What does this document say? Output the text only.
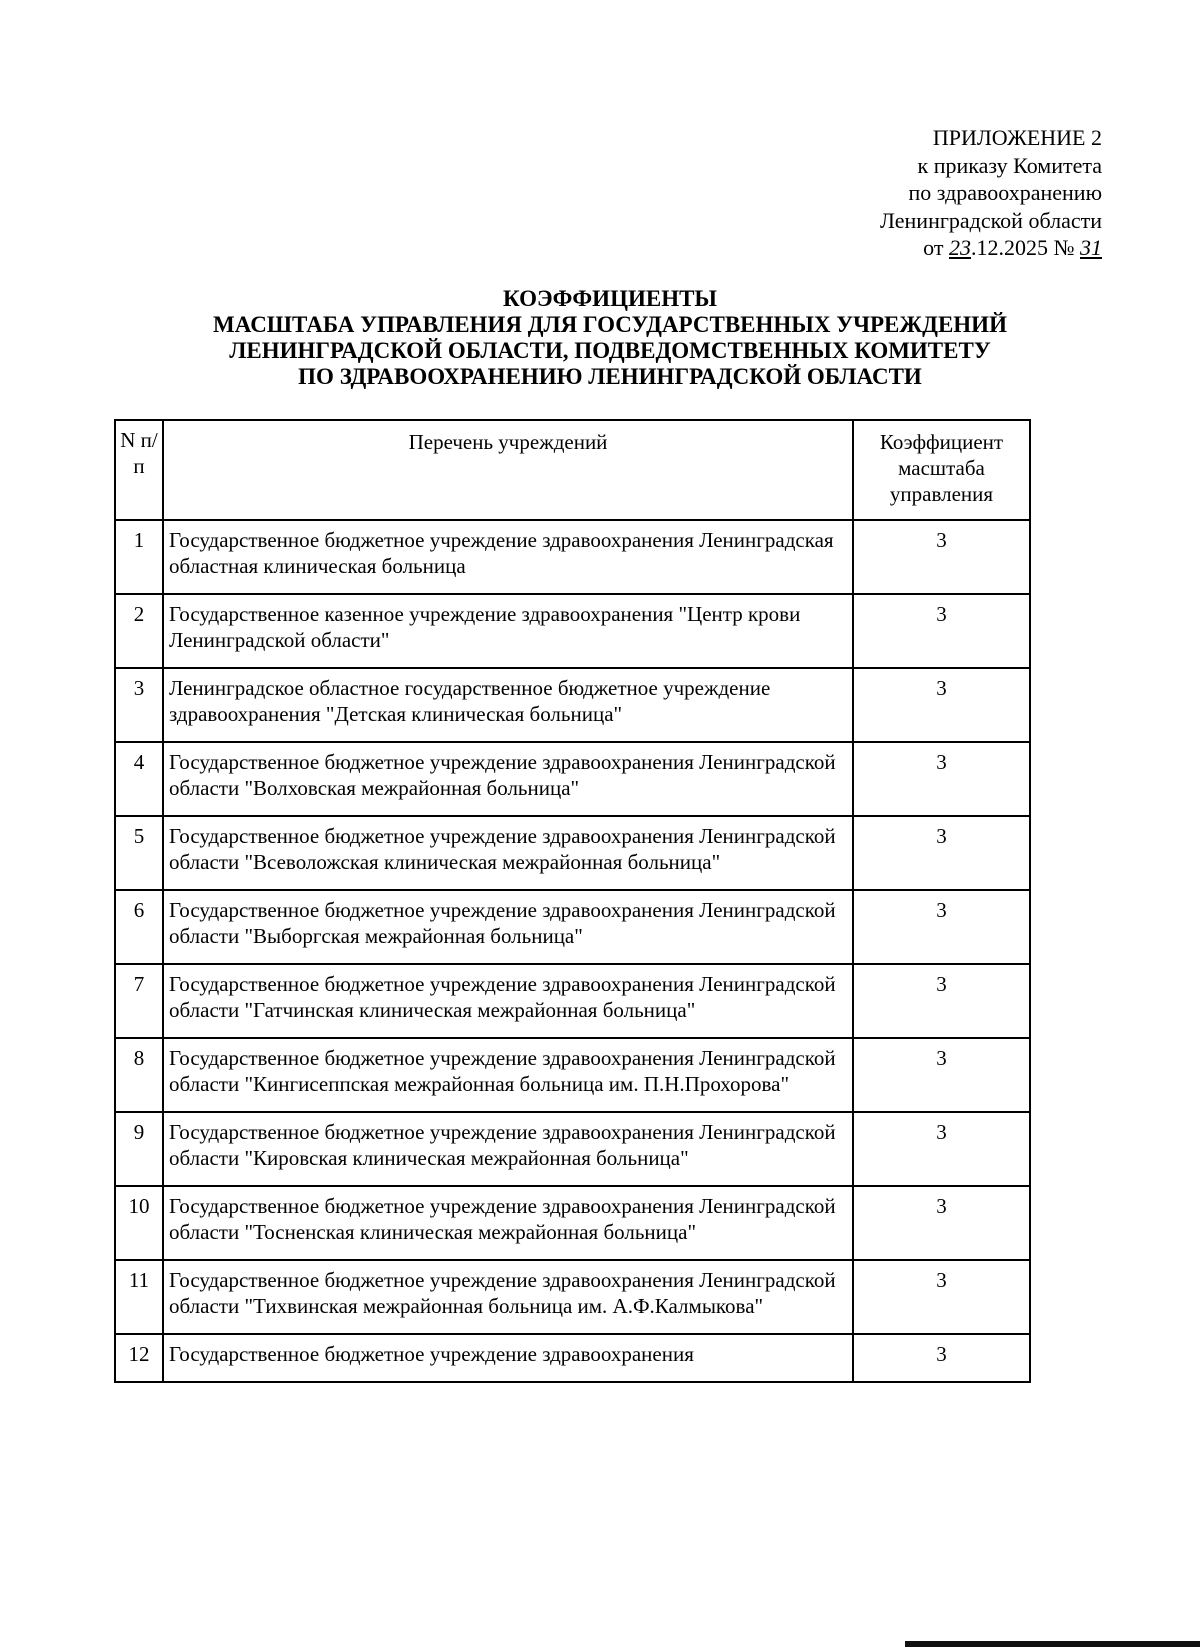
ПРИЛОЖЕНИЕ 2
к приказу Комитета
по здравоохранению
Ленинградской области
от 23.12.2025 № 31
КОЭФФИЦИЕНТЫ
МАСШТАБА УПРАВЛЕНИЯ ДЛЯ ГОСУДАРСТВЕННЫХ УЧРЕЖДЕНИЙ
ЛЕНИНГРАДСКОЙ ОБЛАСТИ, ПОДВЕДОМСТВЕННЫХ КОМИТЕТУ
ПО ЗДРАВООХРАНЕНИЮ ЛЕНИНГРАДСКОЙ ОБЛАСТИ
N п/п	Перечень учреждений	Коэффициент масштаба управления
1	Государственное бюджетное учреждение здравоохранения Ленинградская областная клиническая больница	3
2	Государственное казенное учреждение здравоохранения "Центр крови Ленинградской области"	3
3	Ленинградское областное государственное бюджетное учреждение здравоохранения "Детская клиническая больница"	3
4	Государственное бюджетное учреждение здравоохранения Ленинградской области "Волховская межрайонная больница"	3
5	Государственное бюджетное учреждение здравоохранения Ленинградской области "Всеволожская клиническая межрайонная больница"	3
6	Государственное бюджетное учреждение здравоохранения Ленинградской области "Выборгская межрайонная больница"	3
7	Государственное бюджетное учреждение здравоохранения Ленинградской области "Гатчинская клиническая межрайонная больница"	3
8	Государственное бюджетное учреждение здравоохранения Ленинградской области "Кингисеппская межрайонная больница им. П.Н.Прохорова"	3
9	Государственное бюджетное учреждение здравоохранения Ленинградской области "Кировская клиническая межрайонная больница"	3
10	Государственное бюджетное учреждение здравоохранения Ленинградской области "Тосненская клиническая межрайонная больница"	3
11	Государственное бюджетное учреждение здравоохранения Ленинградской области "Тихвинская межрайонная больница им. А.Ф.Калмыкова"	3
12	Государственное бюджетное учреждение здравоохранения	3
